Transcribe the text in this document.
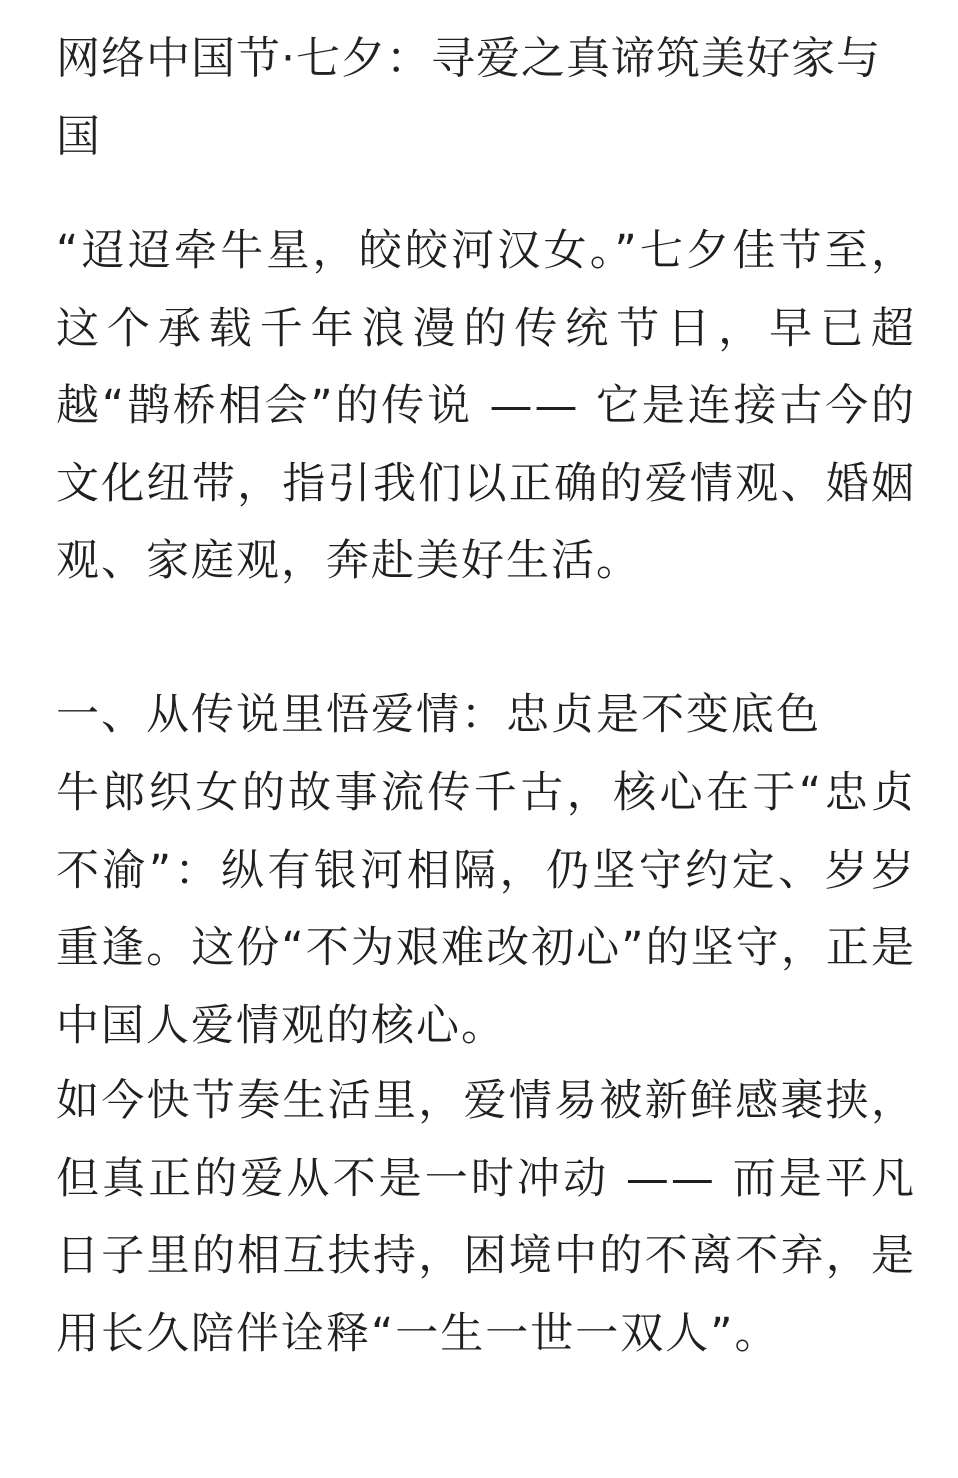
网络中国节·七夕：寻爱之真谛筑美好家与国

“迢迢牵牛星，皎皎河汉女。”七夕佳节至，这个承载千年浪漫的传统节日，早已超越“鹊桥相会”的传说 —— 它是连接古今的文化纽带，指引我们以正确的爱情观、婚姻观、家庭观，奔赴美好生活。

一、从传说里悟爱情：忠贞是不变底色

牛郎织女的故事流传千古，核心在于“忠贞不渝”：纵有银河相隔，仍坚守约定、岁岁重逢。这份“不为艰难改初心”的坚守，正是中国人爱情观的核心。

如今快节奏生活里，爱情易被新鲜感裹挟，但真正的爱从不是一时冲动 —— 而是平凡日子里的相互扶持，困境中的不离不弃，是用长久陪伴诠释“一生一世一双人”。
